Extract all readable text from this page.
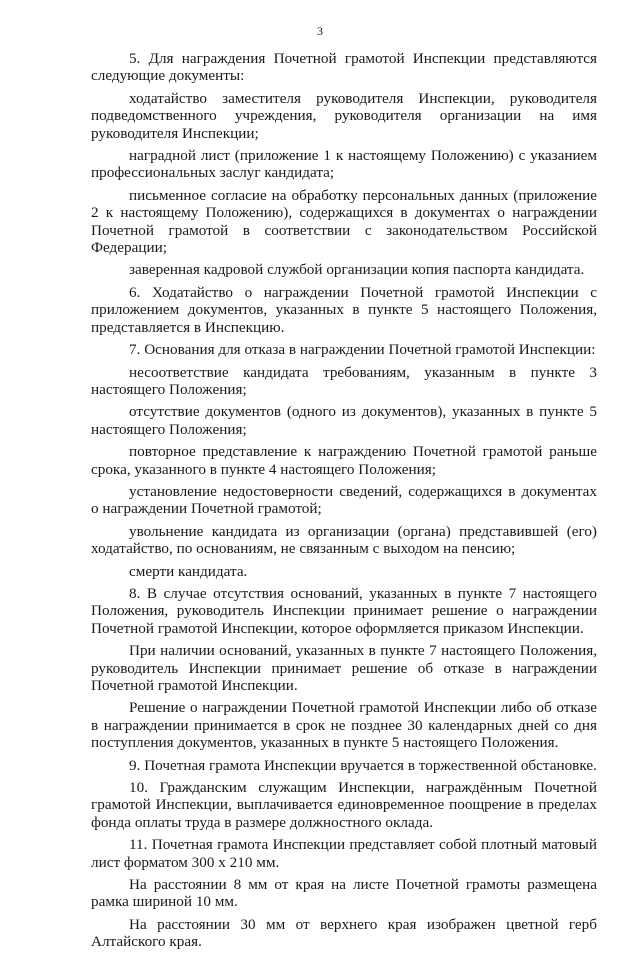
3

5. Для награждения Почетной грамотой Инспекции представляются следующие документы:

ходатайство заместителя руководителя Инспекции, руководителя подведомственного учреждения, руководителя организации на имя руководителя Инспекции;

наградной лист (приложение 1 к настоящему Положению) с указанием профессиональных заслуг кандидата;

письменное согласие на обработку персональных данных (приложение 2 к настоящему Положению), содержащихся в документах о награждении Почетной грамотой в соответствии с законодательством Российской Федерации;

заверенная кадровой службой организации копия паспорта кандидата.

6. Ходатайство о награждении Почетной грамотой Инспекции с приложением документов, указанных в пункте 5 настоящего Положения, представляется в Инспекцию.

7. Основания для отказа в награждении Почетной грамотой Инспекции:

несоответствие кандидата требованиям, указанным в пункте 3 настоящего Положения;

отсутствие документов (одного из документов), указанных в пункте 5 настоящего Положения;

повторное представление к награждению Почетной грамотой раньше срока, указанного в пункте 4 настоящего Положения;

установление недостоверности сведений, содержащихся в документах о награждении Почетной грамотой;

увольнение кандидата из организации (органа) представившей (его) ходатайство, по основаниям, не связанным с выходом на пенсию;

смерти кандидата.

8. В случае отсутствия оснований, указанных в пункте 7 настоящего Положения, руководитель Инспекции принимает решение о награждении Почетной грамотой Инспекции, которое оформляется приказом Инспекции.

При наличии оснований, указанных в пункте 7 настоящего Положения, руководитель Инспекции принимает решение об отказе в награждении Почетной грамотой Инспекции.

Решение о награждении Почетной грамотой Инспекции либо об отказе в награждении принимается в срок не позднее 30 календарных дней со дня поступления документов, указанных в пункте 5 настоящего Положения.

9. Почетная грамота Инспекции вручается в торжественной обстановке.

10. Гражданским служащим Инспекции, награждённым Почетной грамотой Инспекции, выплачивается единовременное поощрение в пределах фонда оплаты труда в размере должностного оклада.

11. Почетная грамота Инспекции представляет собой плотный матовый лист форматом 300 х 210 мм.

На расстоянии 8 мм от края на листе Почетной грамоты размещена рамка шириной 10 мм.

На расстоянии 30 мм от верхнего края изображен цветной герб Алтайского края.
